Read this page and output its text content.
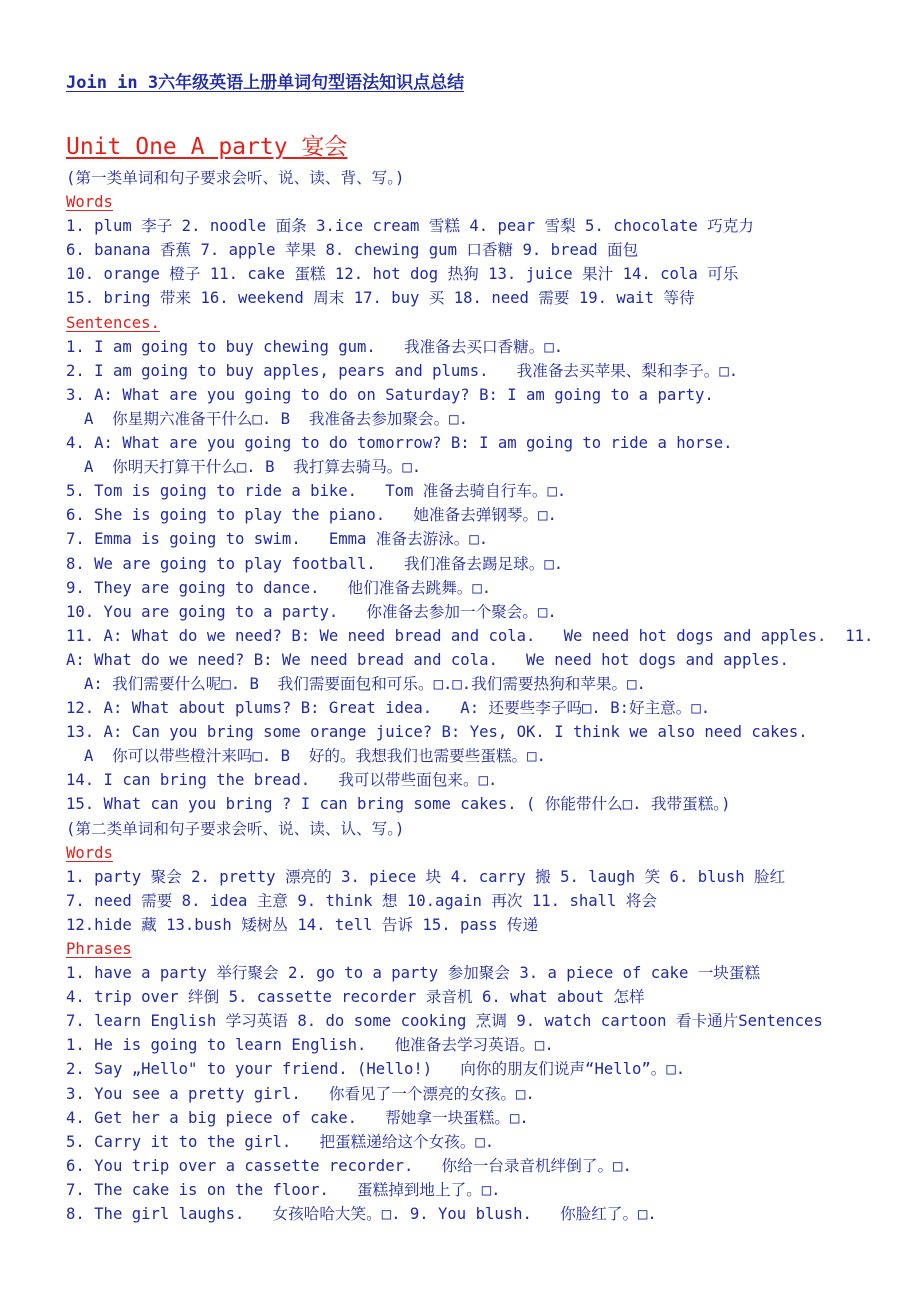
Join in 3六年级英语上册单词句型语法知识点总结
Unit One A party 宴会
(第一类单词和句子要求会听、说、读、背、写。)
Words
1. plum 李子 2. noodle 面条 3.ice cream 雪糕 4. pear 雪梨 5. chocolate 巧克力
6. banana 香蕉 7. apple 苹果 8. chewing gum 口香糖 9. bread 面包
10. orange 橙子 11. cake 蛋糕 12. hot dog 热狗 13. juice 果汁 14. cola 可乐
15. bring 带来 16. weekend 周末 17. buy 买 18. need 需要 19. wait 等待
Sentences.
1. I am going to buy chewing gum.   我准备去买口香糖。□.
2. I am going to buy apples, pears and plums.   我准备去买苹果、梨和李子。□.
3. A: What are you going to do on Saturday? B: I am going to a party.
A  你星期六准备干什么□. B  我准备去参加聚会。□.
4. A: What are you going to do tomorrow? B: I am going to ride a horse.
A  你明天打算干什么□. B  我打算去骑马。□.
5. Tom is going to ride a bike.   Tom 准备去骑自行车。□.
6. She is going to play the piano.   她准备去弹钢琴。□.
7. Emma is going to swim.   Emma 准备去游泳。□.
8. We are going to play football.   我们准备去踢足球。□.
9. They are going to dance.   他们准备去跳舞。□.
10. You are going to a party.   你准备去参加一个聚会。□.
11. A: What do we need? B: We need bread and cola.   We need hot dogs and apples.  11.
A: What do we need? B: We need bread and cola.   We need hot dogs and apples.
A: 我们需要什么呢□. B  我们需要面包和可乐。□.□.我们需要热狗和苹果。□.
12. A: What about plums? B: Great idea.   A: 还要些李子吗□. B:好主意。□.
13. A: Can you bring some orange juice? B: Yes, OK. I think we also need cakes.
A  你可以带些橙汁来吗□. B  好的。我想我们也需要些蛋糕。□.
14. I can bring the bread.   我可以带些面包来。□.
15. What can you bring ? I can bring some cakes. ( 你能带什么□. 我带蛋糕。)
(第二类单词和句子要求会听、说、读、认、写。)
Words
1. party 聚会 2. pretty 漂亮的 3. piece 块 4. carry 搬 5. laugh 笑 6. blush 脸红
7. need 需要 8. idea 主意 9. think 想 10.again 再次 11. shall 将会
12.hide 藏 13.bush 矮树丛 14. tell 告诉 15. pass 传递
Phrases
1. have a party 举行聚会 2. go to a party 参加聚会 3. a piece of cake 一块蛋糕
4. trip over 绊倒 5. cassette recorder 录音机 6. what about 怎样
7. learn English 学习英语 8. do some cooking 烹调 9. watch cartoon 看卡通片Sentences
1. He is going to learn English.   他准备去学习英语。□.
2. Say „Hello" to your friend. (Hello!)   向你的朋友们说声“Hello”。□.
3. You see a pretty girl.   你看见了一个漂亮的女孩。□.
4. Get her a big piece of cake.   帮她拿一块蛋糕。□.
5. Carry it to the girl.   把蛋糕递给这个女孩。□.
6. You trip over a cassette recorder.   你给一台录音机绊倒了。□.
7. The cake is on the floor.   蛋糕掉到地上了。□.
8. The girl laughs.   女孩哈哈大笑。□. 9. You blush.   你脸红了。□.
